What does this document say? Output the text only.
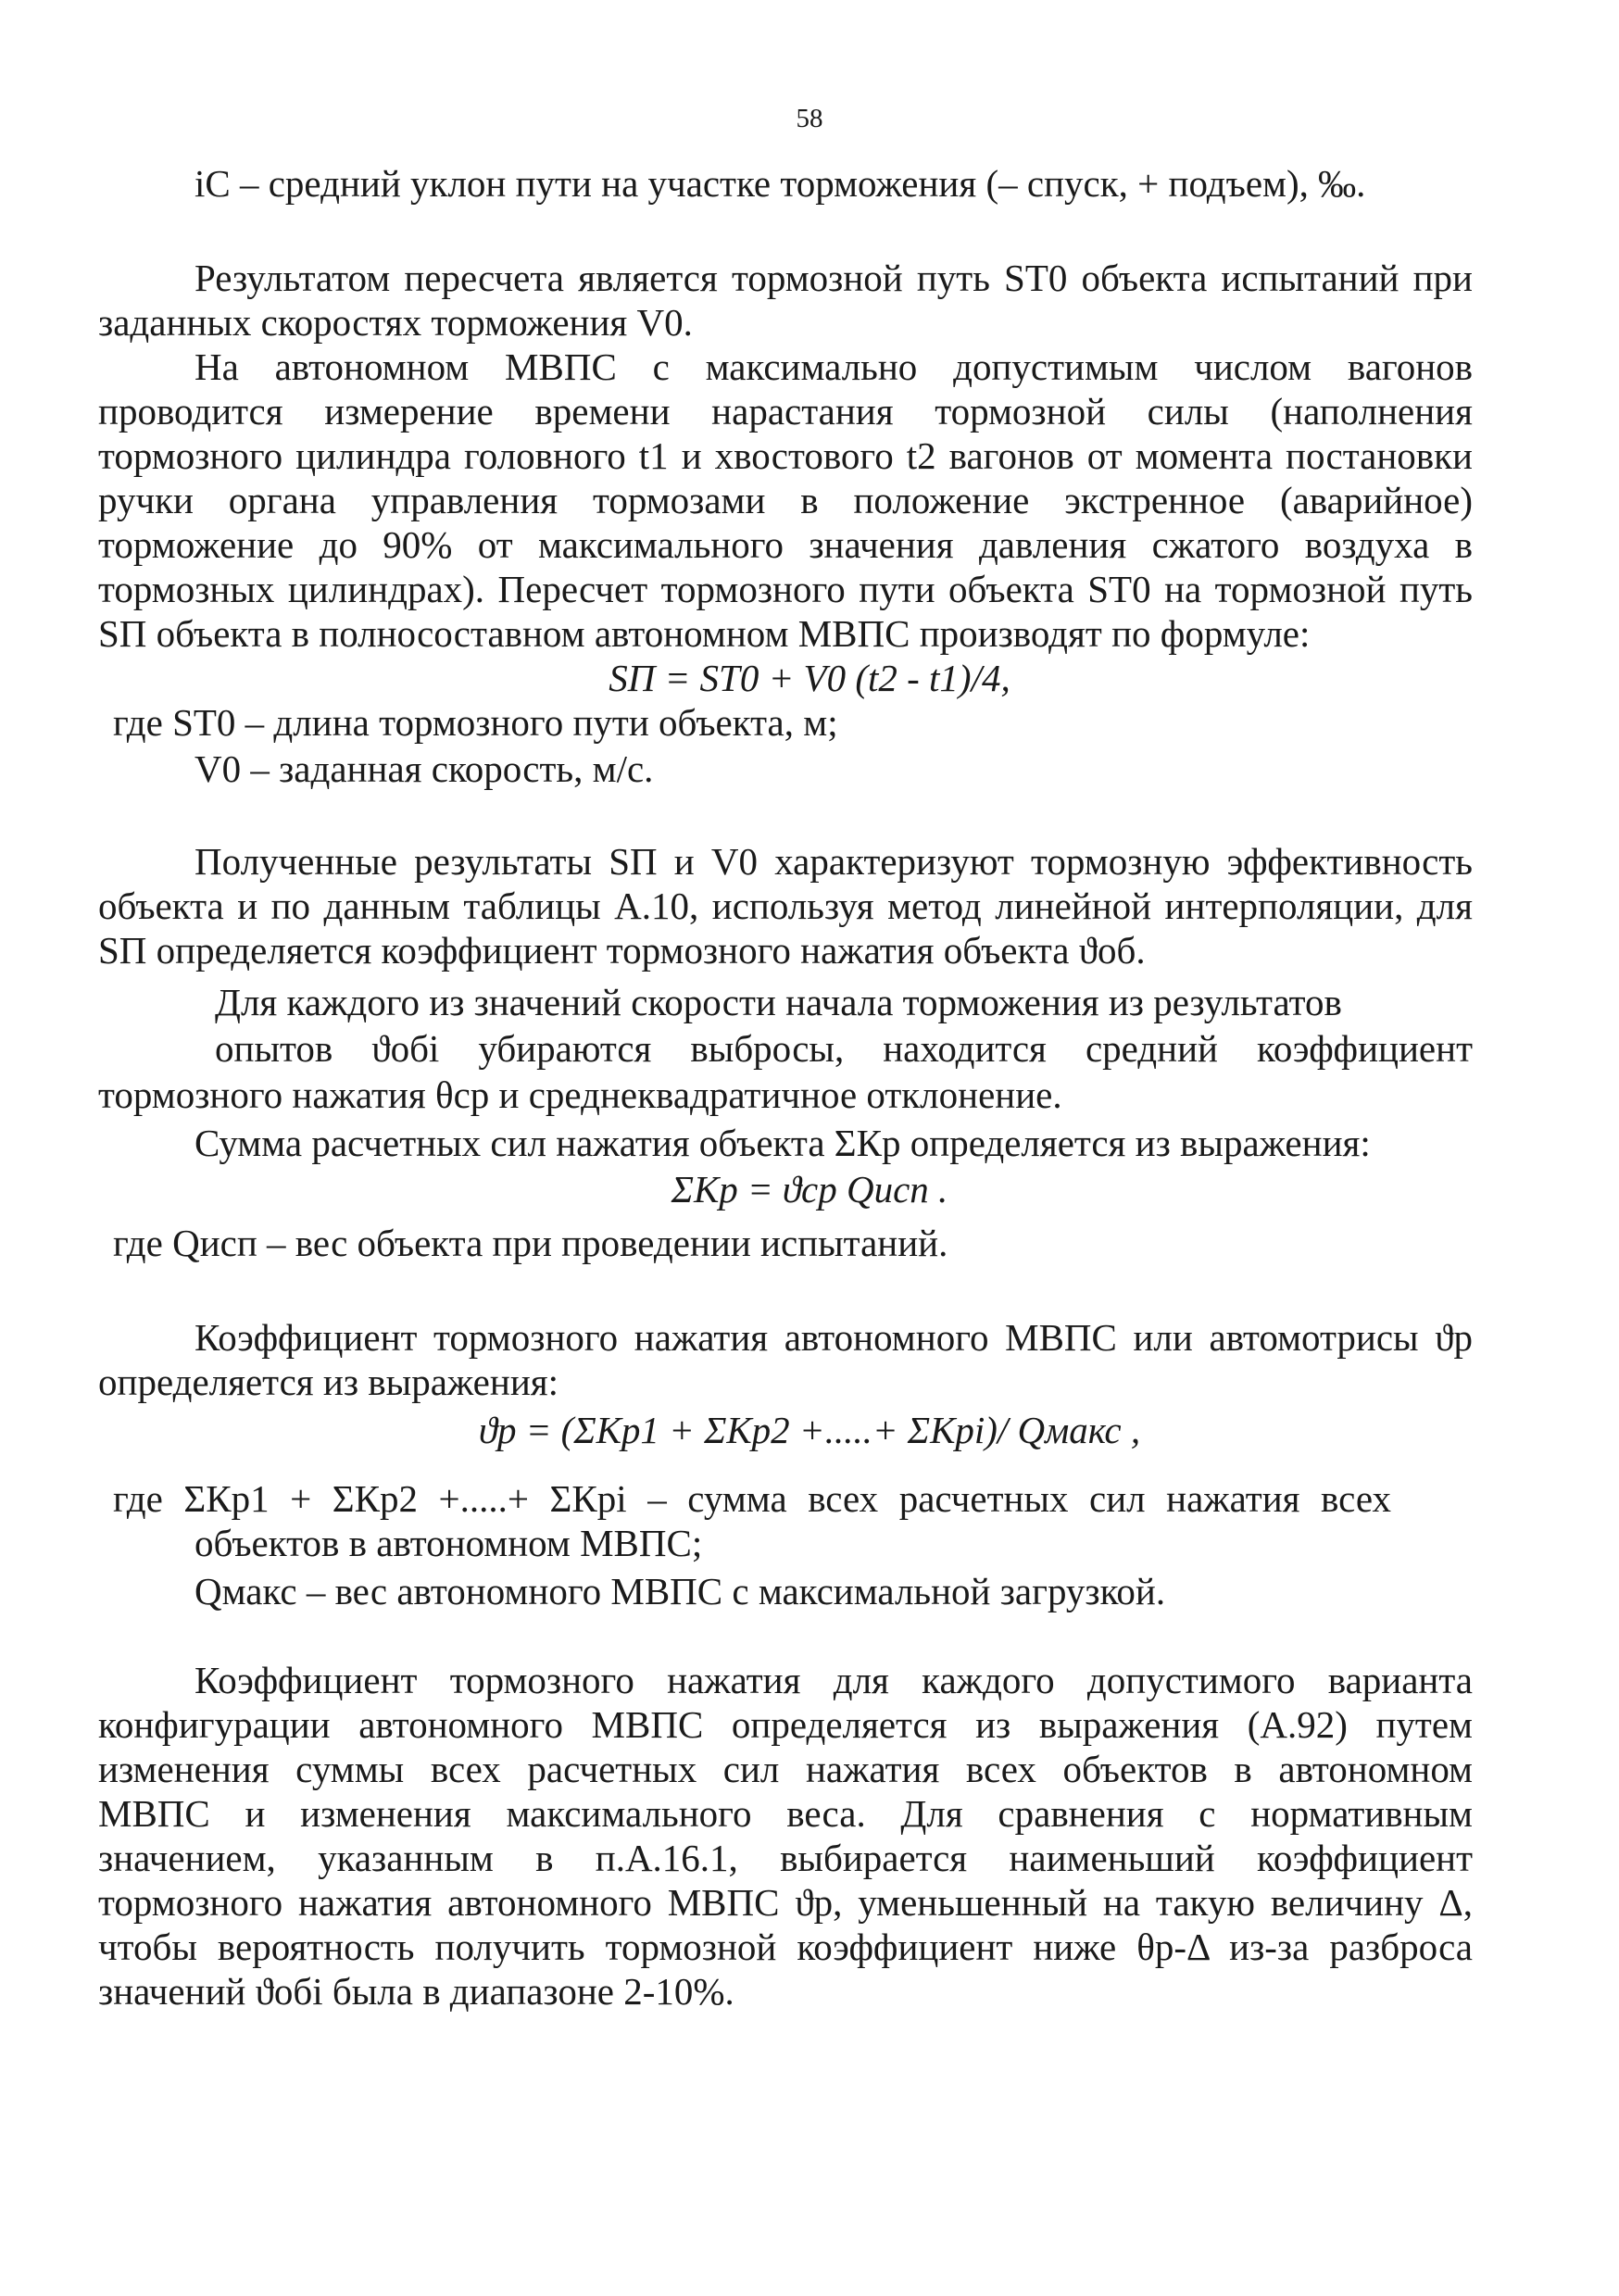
58
iC – средний уклон пути на участке торможения (– спуск, + подъем), ‰.
Результатом пересчета является тормозной путь SТ0 объекта испытаний при
заданных скоростях торможения V0.
На автономном МВПС с максимально допустимым числом вагонов
проводится измерение времени нарастания тормозной силы (наполнения
тормозного цилиндра головного t1 и хвостового t2 вагонов от момента постановки
ручки органа управления тормозами в положение экстренное (аварийное)
торможение до 90% от максимального значения давления сжатого воздуха в
тормозных цилиндрах). Пересчет тормозного пути объекта SТ0 на тормозной путь
SП объекта в полносоставном автономном МВПС производят по формуле:
SП = SТ0 + V0 (t2 - t1)/4,
где SТ0 – длина тормозного пути объекта, м;
V0 – заданная скорость, м/с.
Полученные результаты SП и V0 характеризуют тормозную эффективность
объекта и по данным таблицы А.10, используя метод линейной интерполяции, для
SП определяется коэффициент тормозного нажатия объекта ϑоб.
Для каждого из значений скорости начала торможения из результатов
опытов ϑобi убираются выбросы, находится средний коэффициент
тормозного нажатия θср и среднеквадратичное отклонение.
Сумма расчетных сил нажатия объекта ΣКр определяется из выражения:
ΣКр = ϑср Qисп .
где Qисп – вес объекта при проведении испытаний.
Коэффициент тормозного нажатия автономного МВПС или автомотрисы ϑр
определяется из выражения:
ϑр = (ΣКр1 + ΣКр2 +.....+ ΣКрi)/ Qмакс ,
где ΣКр1 + ΣКр2 +.....+ ΣКрi – сумма всех расчетных сил нажатия всех
объектов в автономном МВПС;
Qмакс – вес автономного МВПС с максимальной загрузкой.
Коэффициент тормозного нажатия для каждого допустимого варианта
конфигурации автономного МВПС определяется из выражения (А.92) путем
изменения суммы всех расчетных сил нажатия всех объектов в автономном
МВПС и изменения максимального веса. Для сравнения с нормативным
значением, указанным в п.А.16.1, выбирается наименьший коэффициент
тормозного нажатия автономного МВПС ϑр, уменьшенный на такую величину Δ,
чтобы вероятность получить тормозной коэффициент ниже θр-Δ из-за разброса
значений ϑобi была в диапазоне 2-10%.
